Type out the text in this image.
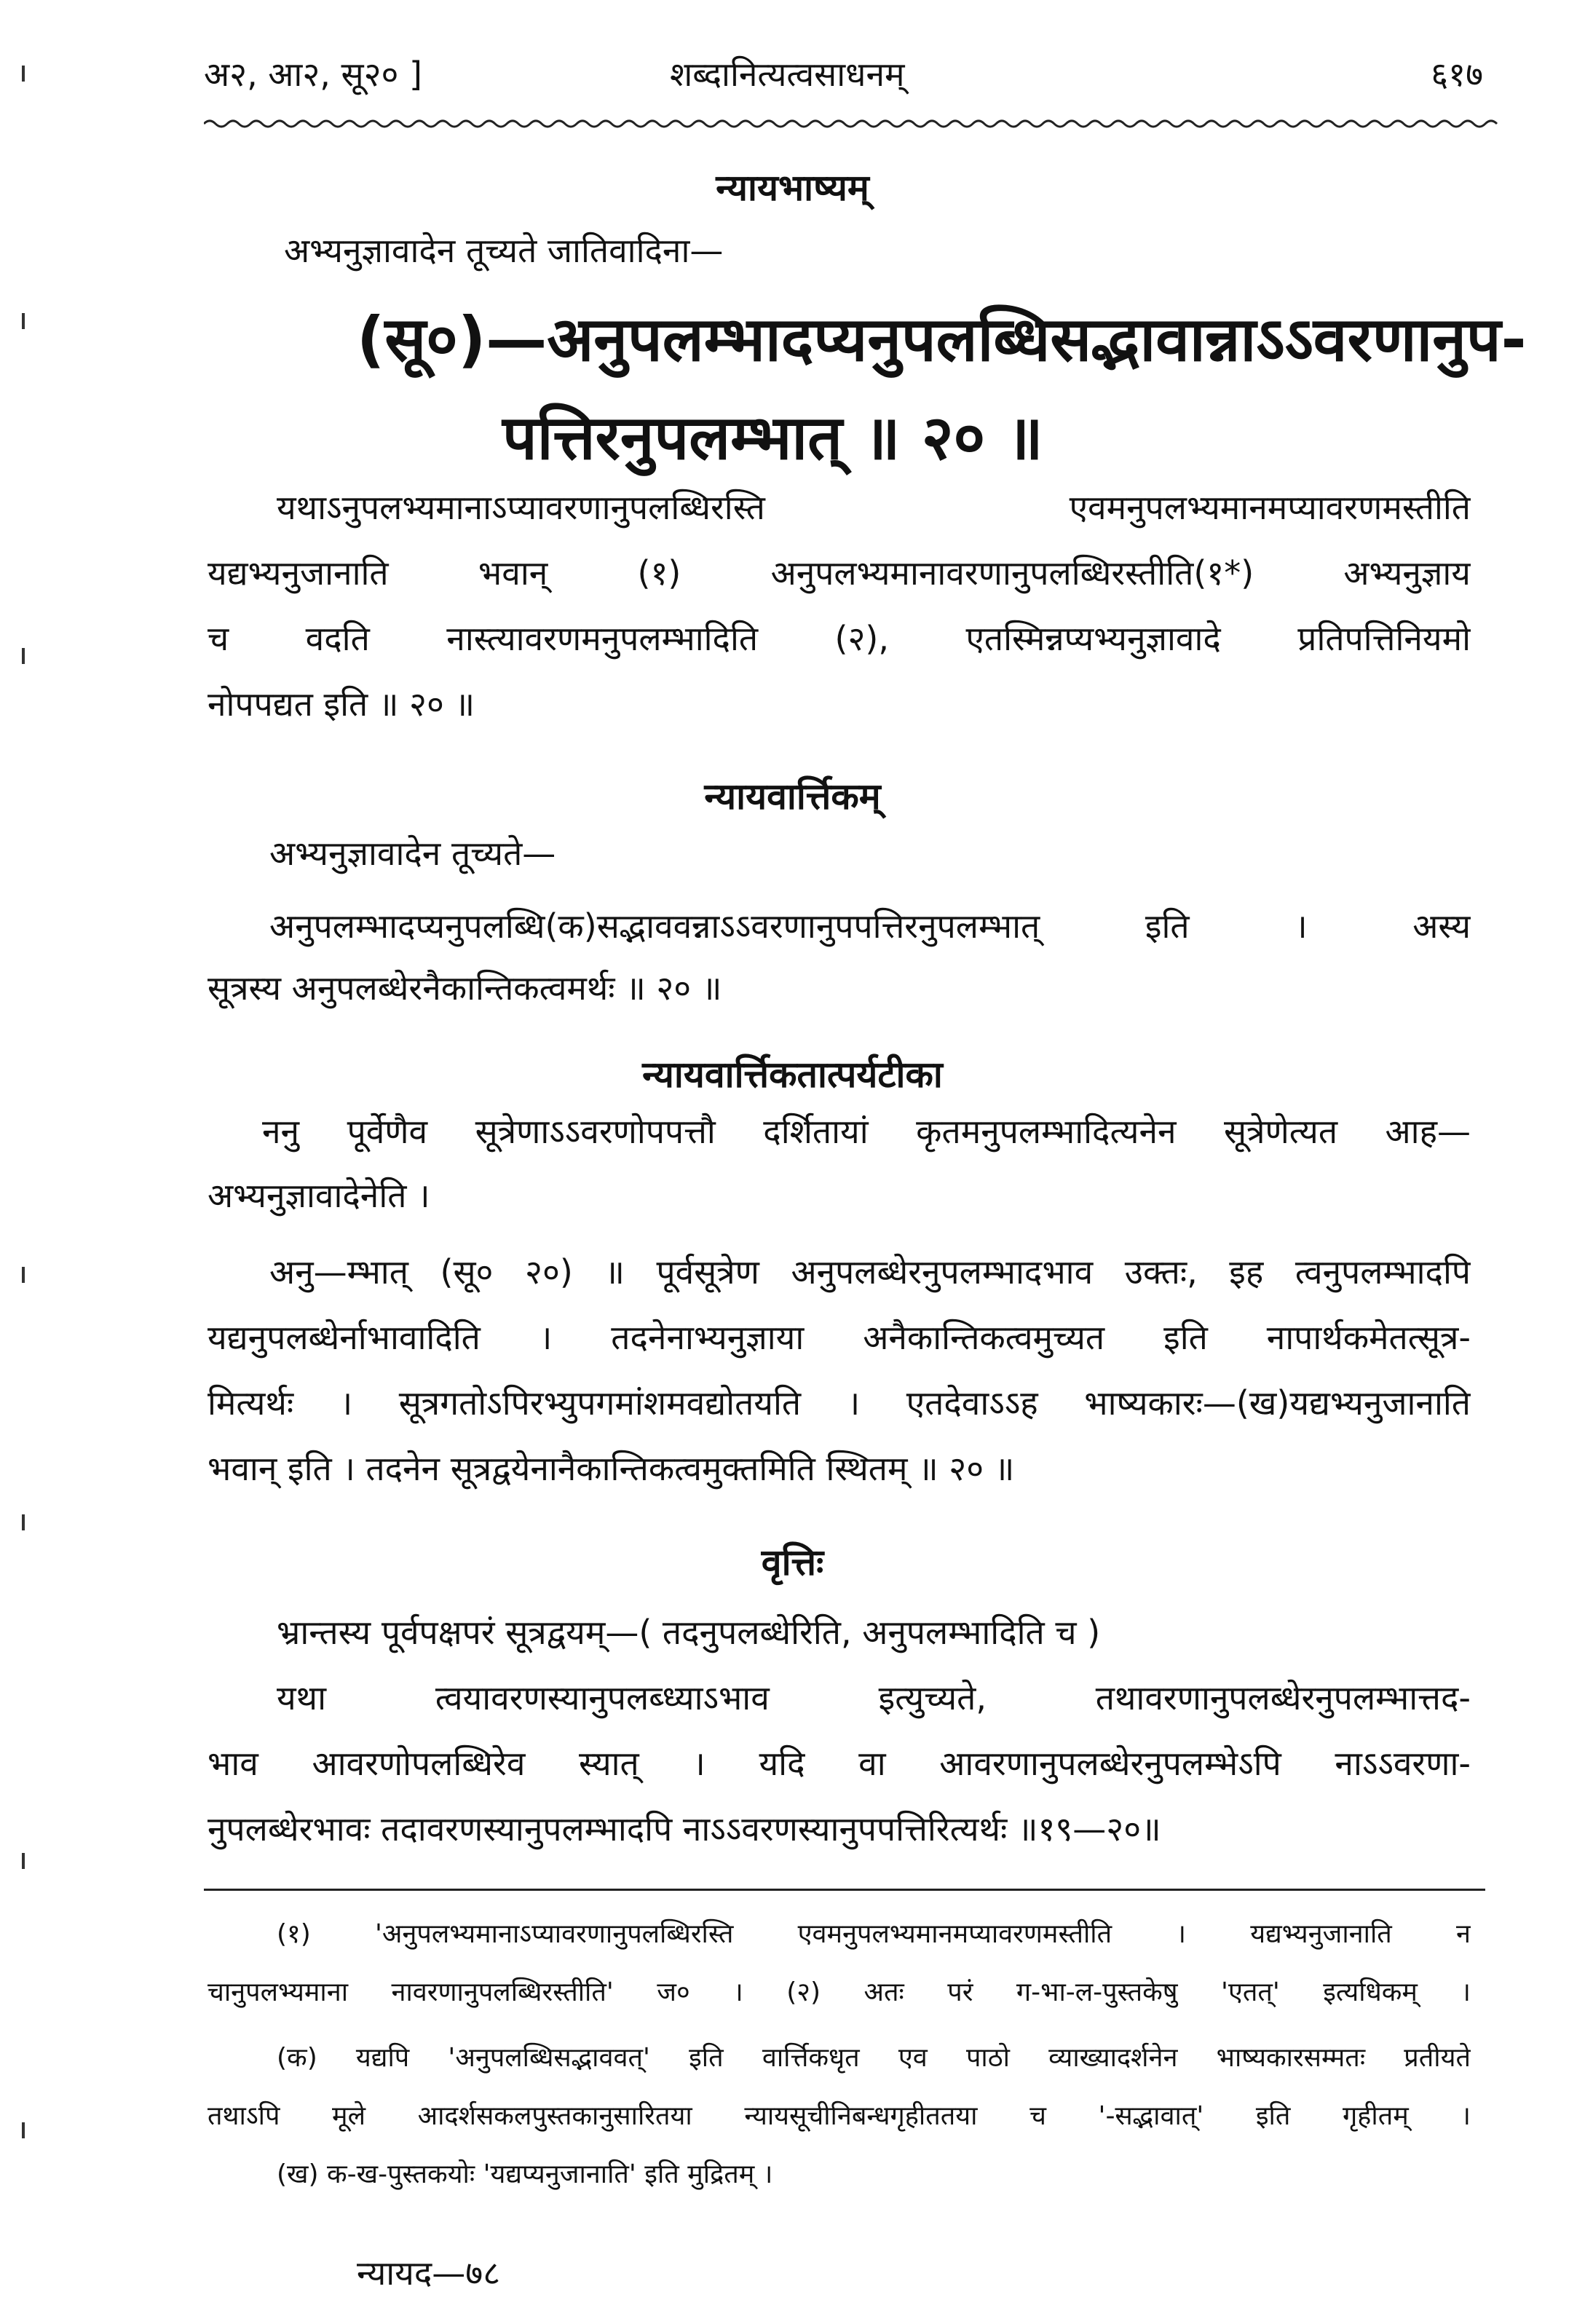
अ२, आ२, सू२० ]	शब्दानित्यत्वसाधनम्	६१७
न्यायभाष्यम्
अभ्यनुज्ञावादेन तूच्यते जातिवादिना—
(सू०)—अनुपलम्भादप्यनुपलब्धिसद्भावान्नाऽऽवरणानुप-
पत्तिरनुपलम्भात् ॥ २० ॥
यथाऽनुपलभ्यमानाऽप्यावरणानुपलब्धिरस्ति एवमनुपलभ्यमानमप्यावरणमस्तीति
यद्यभ्यनुजानाति भवान् (१) अनुपलभ्यमानावरणानुपलब्धिरस्तीति(१*) अभ्यनुज्ञाय
च वदति नास्त्यावरणमनुपलम्भादिति (२), एतस्मिन्नप्यभ्यनुज्ञावादे प्रतिपत्तिनियमो
नोपपद्यत इति ॥ २० ॥
न्यायवार्त्तिकम्
अभ्यनुज्ञावादेन तूच्यते—
अनुपलम्भादप्यनुपलब्धि(क)सद्भाववन्नाऽऽवरणानुपपत्तिरनुपलम्भात् इति । अस्य
सूत्रस्य अनुपलब्धेरनैकान्तिकत्वमर्थः ॥ २० ॥
न्यायवार्त्तिकतात्पर्यटीका
ननु पूर्वेणैव सूत्रेणाऽऽवरणोपपत्तौ दर्शितायां कृतमनुपलम्भादित्यनेन सूत्रेणेत्यत आह—
अभ्यनुज्ञावादेनेति ।
अनु—म्भात् (सू० २०) ॥ पूर्वसूत्रेण अनुपलब्धेरनुपलम्भादभाव उक्तः, इह त्वनुपलम्भादपि
यद्यनुपलब्धेर्नाभावादिति । तदनेनाभ्यनुज्ञाया अनैकान्तिकत्वमुच्यत इति नापार्थकमेतत्सूत्र-
मित्यर्थः । सूत्रगतोऽपिरभ्युपगमांशमवद्योतयति । एतदेवाऽऽह भाष्यकारः—(ख)यद्यभ्यनुजानाति
भवान् इति । तदनेन सूत्रद्वयेनानैकान्तिकत्वमुक्तमिति स्थितम् ॥ २० ॥
वृत्तिः
भ्रान्तस्य पूर्वपक्षपरं सूत्रद्वयम्—( तदनुपलब्धेरिति, अनुपलम्भादिति च )
यथा त्वयावरणस्यानुपलब्ध्याऽभाव इत्युच्यते, तथावरणानुपलब्धेरनुपलम्भात्तद-
भाव आवरणोपलब्धिरेव स्यात् । यदि वा आवरणानुपलब्धेरनुपलम्भेऽपि नाऽऽवरणा-
नुपलब्धेरभावः तदावरणस्यानुपलम्भादपि नाऽऽवरणस्यानुपपत्तिरित्यर्थः ॥१९—२०॥
(१) 'अनुपलभ्यमानाऽप्यावरणानुपलब्धिरस्ति एवमनुपलभ्यमानमप्यावरणमस्तीति । यद्यभ्यनुजानाति न
चानुपलभ्यमाना नावरणानुपलब्धिरस्तीति' ज० । (२) अतः परं ग-भा-ल-पुस्तकेषु 'एतत्' इत्यधिकम् ।
(क) यद्यपि 'अनुपलब्धिसद्भाववत्' इति वार्त्तिकधृत एव पाठो व्याख्यादर्शनेन भाष्यकारसम्मतः प्रतीयते
तथाऽपि मूले आदर्शसकलपुस्तकानुसारितया न्यायसूचीनिबन्धगृहीततया च '-सद्भावात्' इति गृहीतम् ।
(ख) क-ख-पुस्तकयोः 'यद्यप्यनुजानाति' इति मुद्रितम् ।
न्यायद—७८
